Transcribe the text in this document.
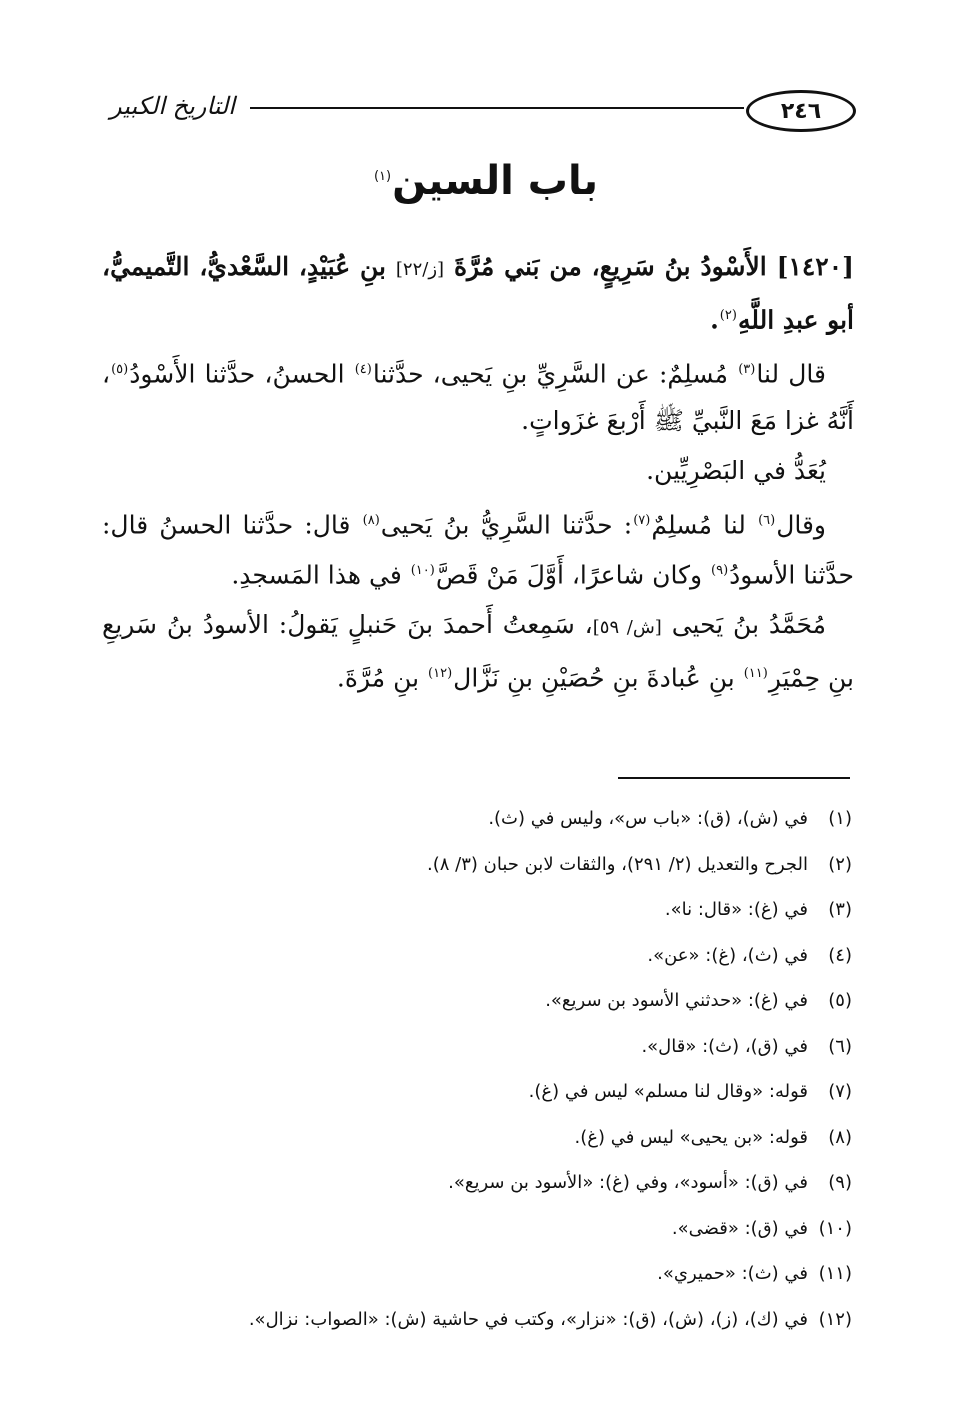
٢٤٦
التاريخ الكبير
باب السين$^{(١)}$

[١٤٢٠] الأَسْودُ بنُ سَرِيعٍ، من بَني مُرَّةَ [ز/٢٢] بنِ عُبَيْدٍ، السَّعْديُّ، التَّميميُّ، أبو عبدِ اللَّهِ$^{(٢)}$.

قال لنا$^{(٣)}$ مُسلِمٌ: عن السَّرِيِّ بنِ يَحيى، حدَّثنا$^{(٤)}$ الحسنُ، حدَّثنا الأَسْودُ$^{(٥)}$، أَنَّهُ غزا مَعَ النَّبيِّ ﷺ أَرْبعَ غزَواتٍ.

يُعَدُّ في البَصْرِيِّين.

وقال$^{(٦)}$ لنا مُسلِمٌ$^{(٧)}$: حدَّثنا السَّرِيُّ بنُ يَحيى$^{(٨)}$ قال: حدَّثنا الحسنُ قال: حدَّثنا الأسودُ$^{(٩)}$ وكان شاعرًا، أَوَّلَ مَنْ قَصَّ$^{(١٠)}$ في هذا المَسجدِ.

مُحَمَّدُ بنُ يَحيى [ش/ ٥٩]، سَمِعتُ أَحمدَ بنَ حَنبلٍ يَقولُ: الأسودُ بنُ سَريعِ بنِ حِمْيَرِ$^{(١١)}$ بنِ عُبادةَ بنِ حُصَيْنِ بنِ نَزَّال$^{(١٢)}$ بنِ مُرَّةَ.

(١)في (ش)، (ق): «باب س»، وليس في (ث).
(٢)الجرح والتعديل (٢/ ٢٩١)، والثقات لابن حبان (٣/ ٨).
(٣)في (غ): «قال: نا».
(٤)في (ث)، (غ): «عن».
(٥)في (غ): «حدثني الأسود بن سريع».
(٦)في (ق)، (ث): «قال».
(٧)قوله: «وقال لنا مسلم» ليس في (غ).
(٨)قوله: «بن يحيى» ليس في (غ).
(٩)في (ق): «أسود»، وفي (غ): «الأسود بن سريع».
(١٠)في (ق): «قضى».
(١١)في (ث): «حميري».
(١٢)في (ك)، (ز)، (ش)، (ق): «نزار»، وكتب في حاشية (ش): «الصواب: نزال».
